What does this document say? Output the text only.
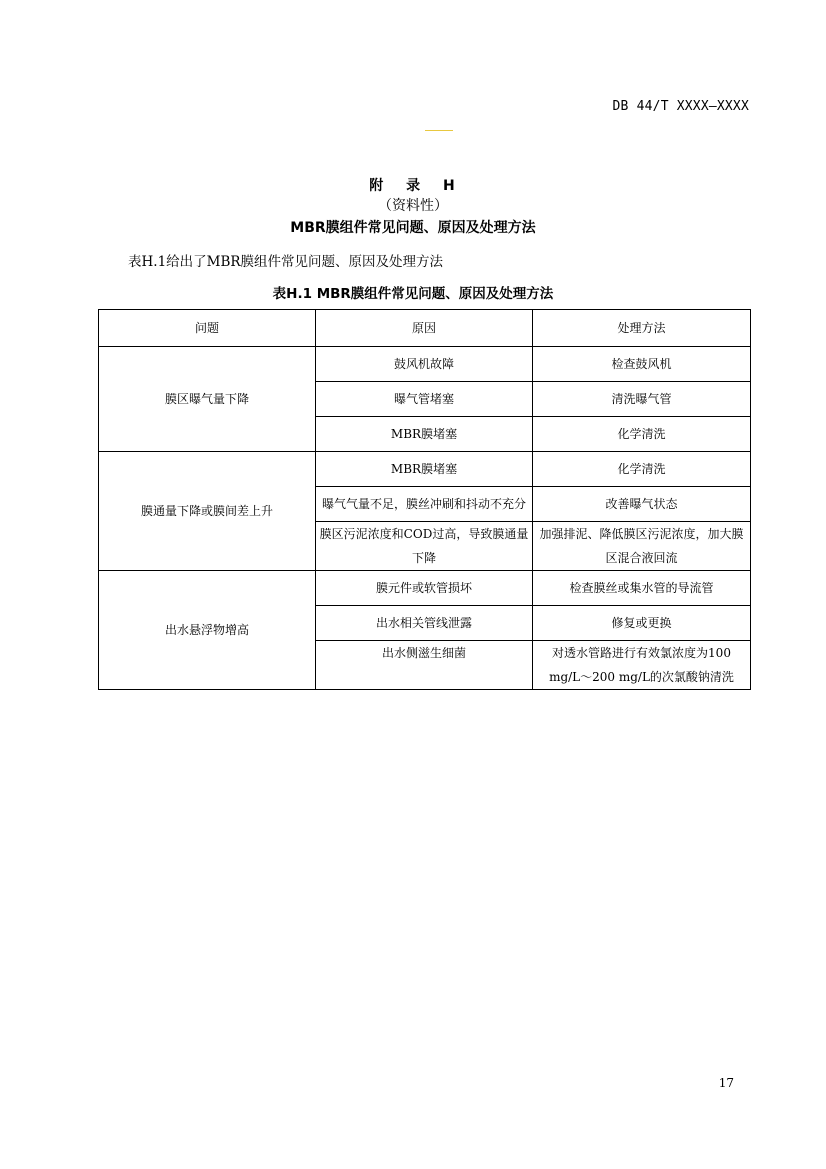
DB 44/T XXXX—XXXX
附 录 H
（资料性）
MBR膜组件常见问题、原因及处理方法
表H.1给出了MBR膜组件常见问题、原因及处理方法
表H.1 MBR膜组件常见问题、原因及处理方法
问题	原因	处理方法
膜区曝气量下降	鼓风机故障	检查鼓风机
	曝气管堵塞	清洗曝气管
	MBR膜堵塞	化学清洗
膜通量下降或膜间差上升	MBR膜堵塞	化学清洗
	曝气气量不足，膜丝冲刷和抖动不充分	改善曝气状态
	膜区污泥浓度和COD过高，导致膜通量下降	加强排泥、降低膜区污泥浓度，加大膜区混合液回流
出水悬浮物增高	膜元件或软管损坏	检查膜丝或集水管的导流管
	出水相关管线泄露	修复或更换
	出水侧滋生细菌	对透水管路进行有效氯浓度为100 mg/L～200 mg/L的次氯酸钠清洗
17
